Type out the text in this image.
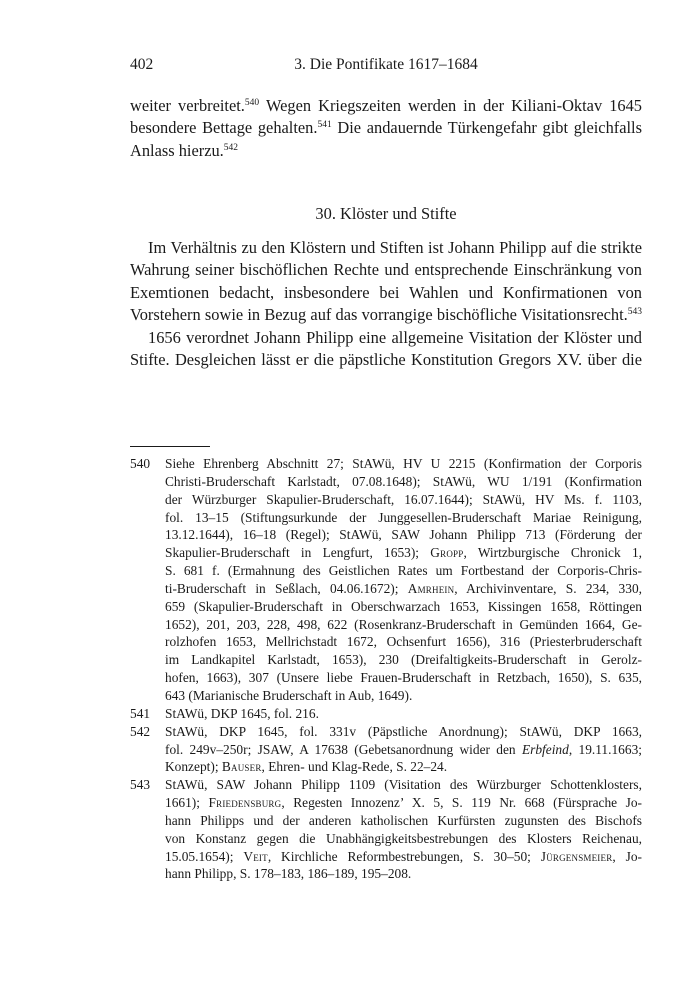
402	3. Die Pontifikate 1617–1684
weiter verbreitet.$^{540}$ Wegen Kriegszeiten werden in der Kiliani-Oktav 1645
besondere Bettage gehalten.$^{541}$ Die andauernde Türkengefahr gibt gleichfalls
Anlass hierzu.$^{542}$
30. Klöster und Stifte
Im Verhältnis zu den Klöstern und Stiften ist Johann Philipp auf die strikte
Wahrung seiner bischöflichen Rechte und entsprechende Einschränkung von
Exemtionen bedacht, insbesondere bei Wahlen und Konfirmationen von
Vorstehern sowie in Bezug auf das vorrangige bischöfliche Visitationsrecht.$^{543}$
1656 verordnet Johann Philipp eine allgemeine Visitation der Klöster und
Stifte. Desgleichen lässt er die päpstliche Konstitution Gregors XV. über die
540 Siehe Ehrenberg Abschnitt 27; StAWü, HV U 2215 (Konfirmation der Corporis
Christi-Bruderschaft Karlstadt, 07.08.1648); StAWü, WU 1/191 (Konfirmation
der Würzburger Skapulier-Bruderschaft, 16.07.1644); StAWü, HV Ms. f. 1103,
fol. 13–15 (Stiftungsurkunde der Junggesellen-Bruderschaft Mariae Reinigung,
13.12.1644), 16–18 (Regel); StAWü, SAW Johann Philipp 713 (Förderung der
Skapulier-Bruderschaft in Lengfurt, 1653); Gropp, Wirtzburgische Chronick 1,
S. 681 f. (Ermahnung des Geistlichen Rates um Fortbestand der Corporis-Chris-
ti-Bruderschaft in Seßlach, 04.06.1672); Amrhein, Archivinventare, S. 234, 330,
659 (Skapulier-Bruderschaft in Oberschwarzach 1653, Kissingen 1658, Röttingen
1652), 201, 203, 228, 498, 622 (Rosenkranz-Bruderschaft in Gemünden 1664, Ge-
rolzhofen 1653, Mellrichstadt 1672, Ochsenfurt 1656), 316 (Priesterbruderschaft
im Landkapitel Karlstadt, 1653), 230 (Dreifaltigkeits-Bruderschaft in Gerolz-
hofen, 1663), 307 (Unsere liebe Frauen-Bruderschaft in Retzbach, 1650), S. 635,
643 (Marianische Bruderschaft in Aub, 1649).
541 StAWü, DKP 1645, fol. 216.
542 StAWü, DKP 1645, fol. 331v (Päpstliche Anordnung); StAWü, DKP 1663,
fol. 249v–250r; JSAW, A 17638 (Gebetsanordnung wider den Erbfeind, 19.11.1663;
Konzept); Bauser, Ehren- und Klag-Rede, S. 22–24.
543 StAWü, SAW Johann Philipp 1109 (Visitation des Würzburger Schottenklosters,
1661); Friedensburg, Regesten Innozenz’ X. 5, S. 119 Nr. 668 (Fürsprache Jo-
hann Philipps und der anderen katholischen Kurfürsten zugunsten des Bischofs
von Konstanz gegen die Unabhängigkeitsbestrebungen des Klosters Reichenau,
15.05.1654); Veit, Kirchliche Reformbestrebungen, S. 30–50; Jürgensmeier, Jo-
hann Philipp, S. 178–183, 186–189, 195–208.
